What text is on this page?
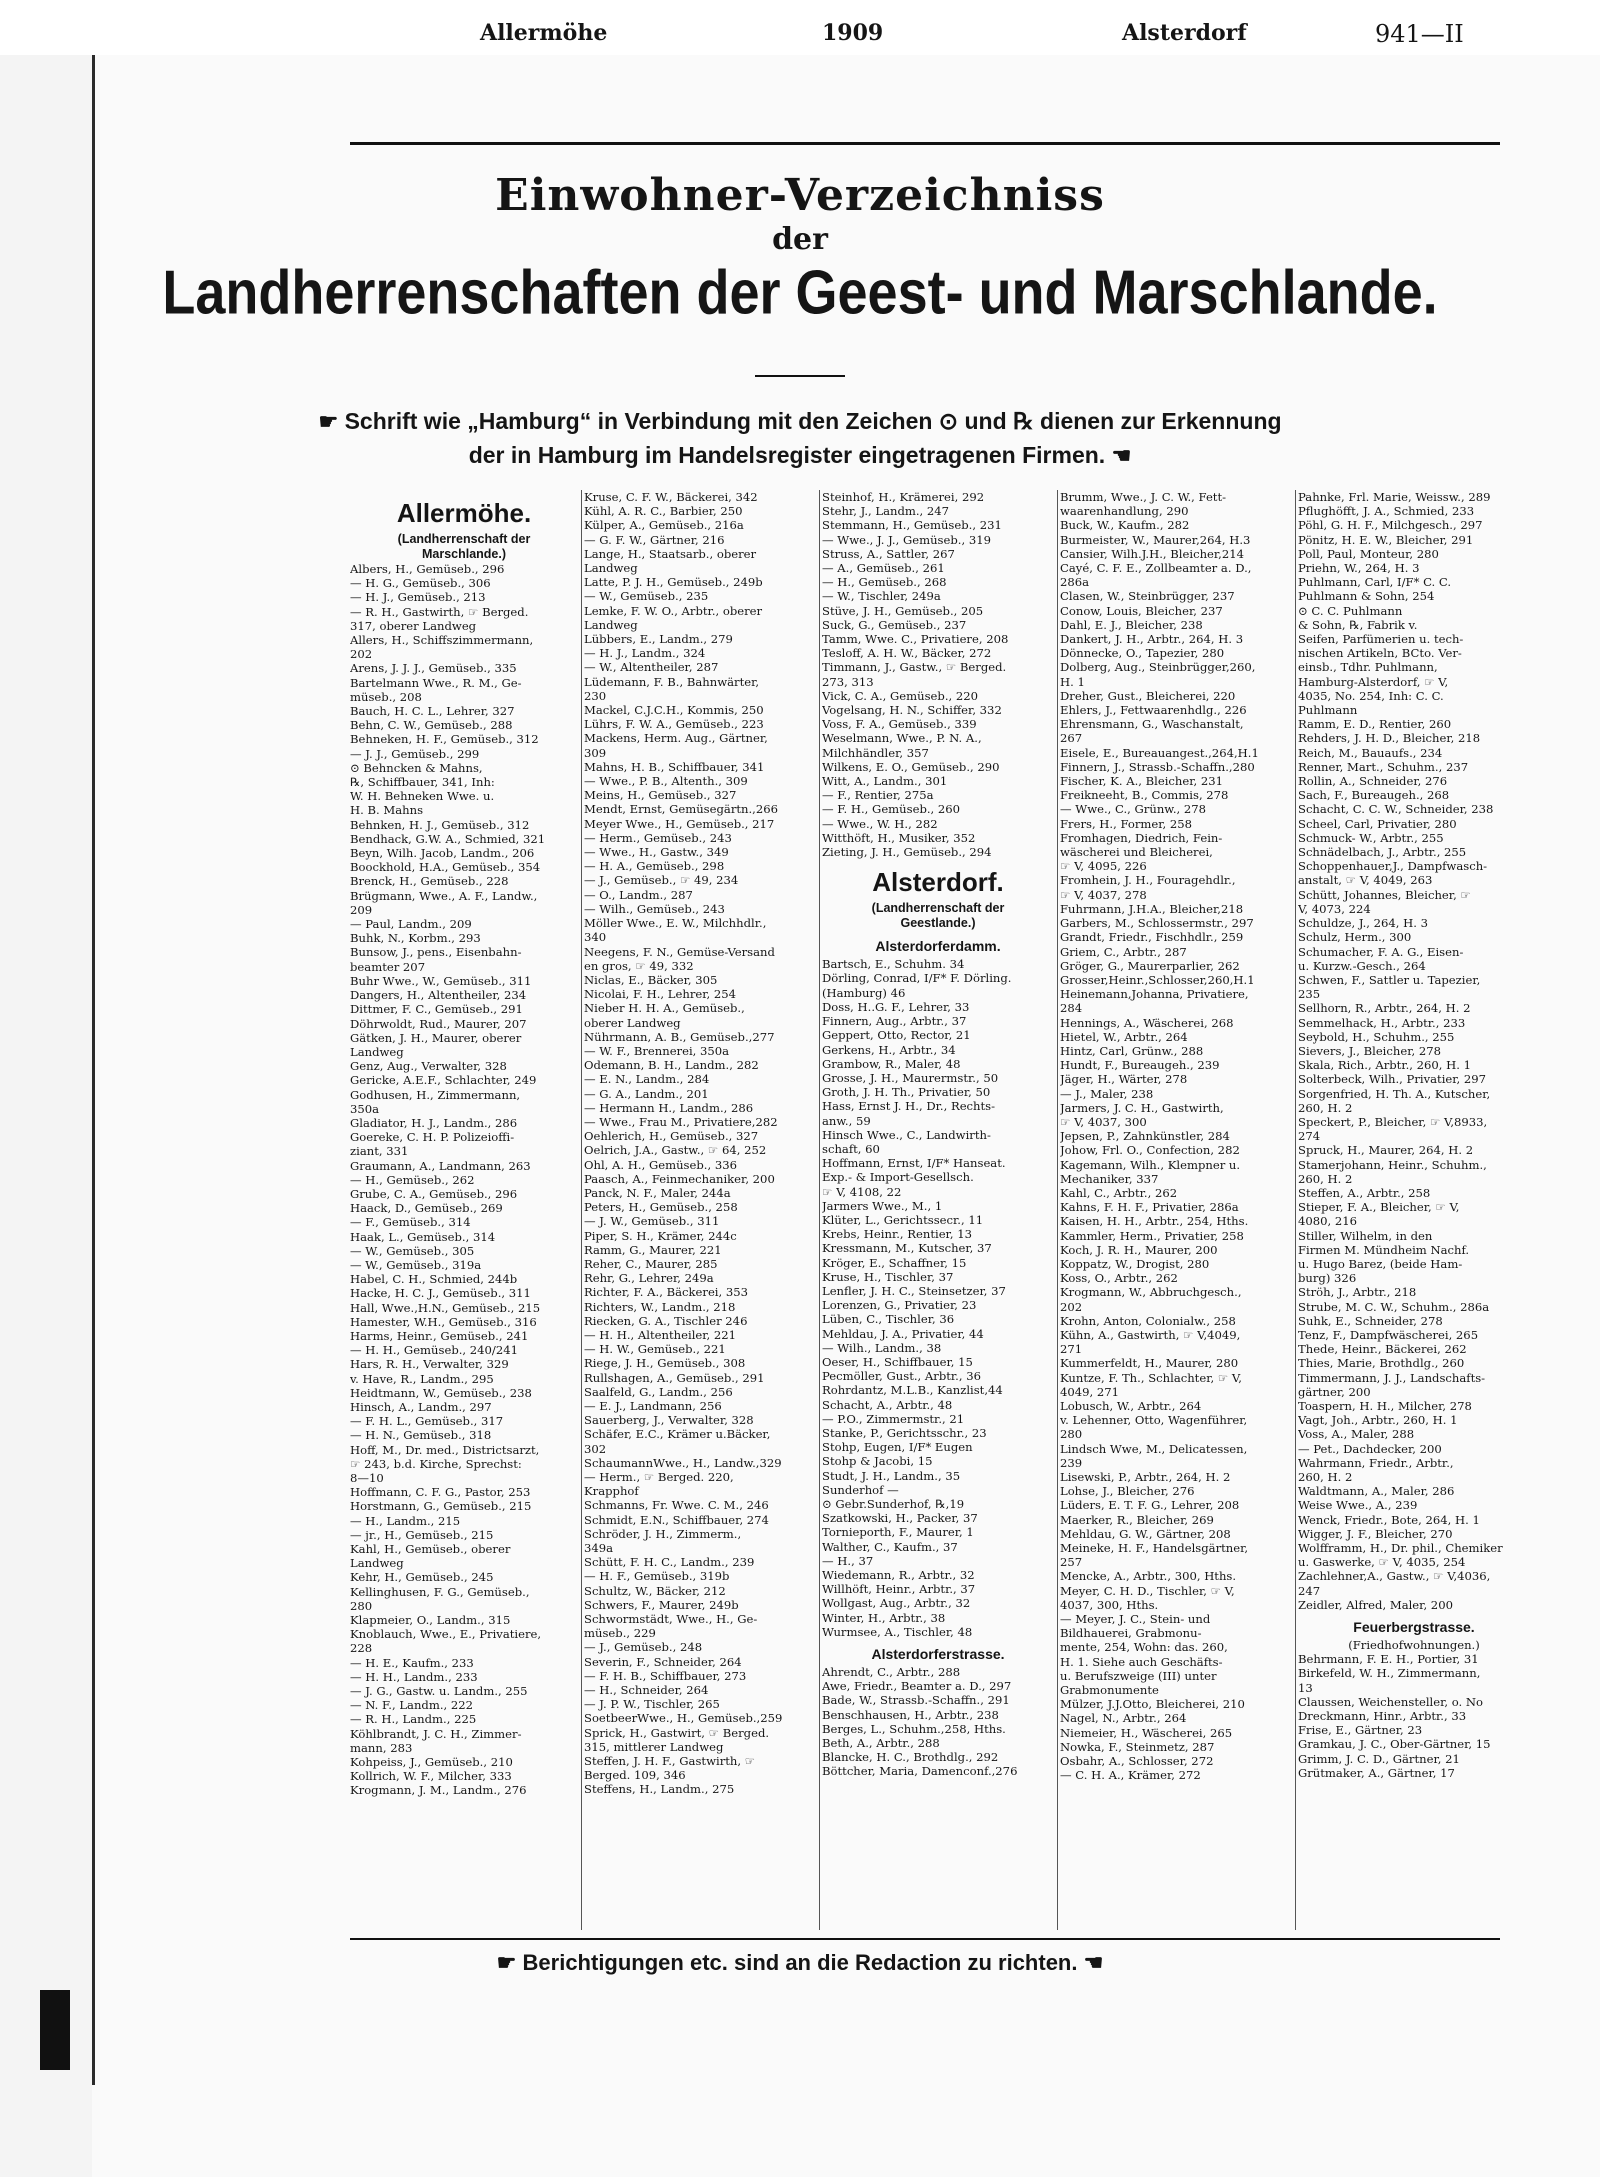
Allermöhe	1909	Alsterdorf	941—II
Einwohner-Verzeichniss
der
Landherrenschaften der Geest- und Marschlande.
☛ Schrift wie „Hamburg“ in Verbindung mit den Zeichen ⊙ und ℞ dienen zur Erkennung
der in Hamburg im Handelsregister eingetragenen Firmen. ☚
Allermöhe.
(Landherrenschaft der
Marschlande.)
Albers, H., Gemüseb., 296
— H. G., Gemüseb., 306
— H. J., Gemüseb., 213
— R. H., Gastwirth, ☞ Berged.
317, oberer Landweg
Allers, H., Schiffszimmermann,
202
Arens, J. J. J., Gemüseb., 335
Bartelmann Wwe., R. M., Ge-
müseb., 208
Bauch, H. C. L., Lehrer, 327
Behn, C. W., Gemüseb., 288
Behneken, H. F., Gemüseb., 312
— J. J., Gemüseb., 299
⊙ Behncken & Mahns,
℞, Schiffbauer, 341, Inh:
W. H. Behneken Wwe. u.
H. B. Mahns
Behnken, H. J., Gemüseb., 312
Bendhack, G.W. A., Schmied, 321
Beyn, Wilh. Jacob, Landm., 206
Boockhold, H.A., Gemüseb., 354
Brenck, H., Gemüseb., 228
Brügmann, Wwe., A. F., Landw.,
209
— Paul, Landm., 209
Buhk, N., Korbm., 293
Bunsow, J., pens., Eisenbahn-
beamter 207
Buhr Wwe., W., Gemüseb., 311
Dangers, H., Altentheiler, 234
Dittmer, F. C., Gemüseb., 291
Döhrwoldt, Rud., Maurer, 207
Gätken, J. H., Maurer, oberer
Landweg
Genz, Aug., Verwalter, 328
Gericke, A.E.F., Schlachter, 249
Godhusen, H., Zimmermann,
350a
Gladiator, H. J., Landm., 286
Goereke, C. H. P. Polizeioffi-
ziant, 331
Graumann, A., Landmann, 263
— H., Gemüseb., 262
Grube, C. A., Gemüseb., 296
Haack, D., Gemüseb., 269
— F., Gemüseb., 314
Haak, L., Gemüseb., 314
— W., Gemüseb., 305
— W., Gemüseb., 319a
Habel, C. H., Schmied, 244b
Hacke, H. C. J., Gemüseb., 311
Hall, Wwe.,H.N., Gemüseb., 215
Hamester, W.H., Gemüseb., 316
Harms, Heinr., Gemüseb., 241
— H. H., Gemüseb., 240/241
Hars, R. H., Verwalter, 329
v. Have, R., Landm., 295
Heidtmann, W., Gemüseb., 238
Hinsch, A., Landm., 297
— F. H. L., Gemüseb., 317
— H. N., Gemüseb., 318
Hoff, M., Dr. med., Districtsarzt,
☞ 243, b.d. Kirche, Sprechst:
8—10
Hoffmann, C. F. G., Pastor, 253
Horstmann, G., Gemüseb., 215
— H., Landm., 215
— jr., H., Gemüseb., 215
Kahl, H., Gemüseb., oberer
Landweg
Kehr, H., Gemüseb., 245
Kellinghusen, F. G., Gemüseb.,
280
Klapmeier, O., Landm., 315
Knoblauch, Wwe., E., Privatiere,
228
— H. E., Kaufm., 233
— H. H., Landm., 233
— J. G., Gastw. u. Landm., 255
— N. F., Landm., 222
— R. H., Landm., 225
Köhlbrandt, J. C. H., Zimmer-
mann, 283
Kohpeiss, J., Gemüseb., 210
Kollrich, W. F., Milcher, 333
Krogmann, J. M., Landm., 276
Kruse, C. F. W., Bäckerei, 342
Kühl, A. R. C., Barbier, 250
Külper, A., Gemüseb., 216a
— G. F. W., Gärtner, 216
Lange, H., Staatsarb., oberer
Landweg
Latte, P. J. H., Gemüseb., 249b
— W., Gemüseb., 235
Lemke, F. W. O., Arbtr., oberer
Landweg
Lübbers, E., Landm., 279
— H. J., Landm., 324
— W., Altentheiler, 287
Lüdemann, F. B., Bahnwärter,
230
Mackel, C.J.C.H., Kommis, 250
Lührs, F. W. A., Gemüseb., 223
Mackens, Herm. Aug., Gärtner,
309
Mahns, H. B., Schiffbauer, 341
— Wwe., P. B., Altenth., 309
Meins, H., Gemüseb., 327
Mendt, Ernst, Gemüsegärtn.,266
Meyer Wwe., H., Gemüseb., 217
— Herm., Gemüseb., 243
— Wwe., H., Gastw., 349
— H. A., Gemüseb., 298
— J., Gemüseb., ☞ 49, 234
— O., Landm., 287
— Wilh., Gemüseb., 243
Möller Wwe., E. W., Milchhdlr.,
340
Neegens, F. N., Gemüse-Versand
en gros, ☞ 49, 332
Niclas, E., Bäcker, 305
Nicolai, F. H., Lehrer, 254
Nieber H. H. A., Gemüseb.,
oberer Landweg
Nührmann, A. B., Gemüseb.,277
— W. F., Brennerei, 350a
Odemann, B. H., Landm., 282
— E. N., Landm., 284
— G. A., Landm., 201
— Hermann H., Landm., 286
— Wwe., Frau M., Privatiere,282
Oehlerich, H., Gemüseb., 327
Oelrich, J.A., Gastw., ☞ 64, 252
Ohl, A. H., Gemüseb., 336
Paasch, A., Feinmechaniker, 200
Panck, N. F., Maler, 244a
Peters, H., Gemüseb., 258
— J. W., Gemüseb., 311
Piper, S. H., Krämer, 244c
Ramm, G., Maurer, 221
Reher, C., Maurer, 285
Rehr, G., Lehrer, 249a
Richter, F. A., Bäckerei, 353
Richters, W., Landm., 218
Riecken, G. A., Tischler 246
— H. H., Altentheiler, 221
— H. W., Gemüseb., 221
Riege, J. H., Gemüseb., 308
Rullshagen, A., Gemüseb., 291
Saalfeld, G., Landm., 256
— E. J., Landmann, 256
Sauerberg, J., Verwalter, 328
Schäfer, E.C., Krämer u.Bäcker,
302
SchaumannWwe., H., Landw.,329
— Herm., ☞ Berged. 220,
Krapphof
Schmanns, Fr. Wwe. C. M., 246
Schmidt, E.N., Schiffbauer, 274
Schröder, J. H., Zimmerm.,
349a
Schütt, F. H. C., Landm., 239
— H. F., Gemüseb., 319b
Schultz, W., Bäcker, 212
Schwers, F., Maurer, 249b
Schwormstädt, Wwe., H., Ge-
müseb., 229
— J., Gemüseb., 248
Severin, F., Schneider, 264
— F. H. B., Schiffbauer, 273
— H., Schneider, 264
— J. P. W., Tischler, 265
SoetbeerWwe., H., Gemüseb.,259
Sprick, H., Gastwirt, ☞ Berged.
315, mittlerer Landweg
Steffen, J. H. F., Gastwirth, ☞
Berged. 109, 346
Steffens, H., Landm., 275
Steinhof, H., Krämerei, 292
Stehr, J., Landm., 247
Stemmann, H., Gemüseb., 231
— Wwe., J. J., Gemüseb., 319
Struss, A., Sattler, 267
— A., Gemüseb., 261
— H., Gemüseb., 268
— W., Tischler, 249a
Stüve, J. H., Gemüseb., 205
Suck, G., Gemüseb., 237
Tamm, Wwe. C., Privatiere, 208
Tesloff, A. H. W., Bäcker, 272
Timmann, J., Gastw., ☞ Berged.
273, 313
Vick, C. A., Gemüseb., 220
Vogelsang, H. N., Schiffer, 332
Voss, F. A., Gemüseb., 339
Weselmann, Wwe., P. N. A.,
Milchhändler, 357
Wilkens, E. O., Gemüseb., 290
Witt, A., Landm., 301
— F., Rentier, 275a
— F. H., Gemüseb., 260
— Wwe., W. H., 282
Witthöft, H., Musiker, 352
Zieting, J. H., Gemüseb., 294
Alsterdorf.
(Landherrenschaft der
Geestlande.)
Alsterdorferdamm.
Bartsch, E., Schuhm. 34
Dörling, Conrad, I/F* F. Dörling.
(Hamburg) 46
Doss, H..G. F., Lehrer, 33
Finnern, Aug., Arbtr., 37
Geppert, Otto, Rector, 21
Gerkens, H., Arbtr., 34
Grambow, R., Maler, 48
Grosse, J. H., Maurermstr., 50
Groth, J. H. Th., Privatier, 50
Hass, Ernst J. H., Dr., Rechts-
anw., 59
Hinsch Wwe., C., Landwirth-
schaft, 60
Hoffmann, Ernst, I/F* Hanseat.
Exp.- & Import-Gesellsch.
☞ V, 4108, 22
Jarmers Wwe., M., 1
Klüter, L., Gerichtssecr., 11
Krebs, Heinr., Rentier, 13
Kressmann, M., Kutscher, 37
Kröger, E., Schaffner, 15
Kruse, H., Tischler, 37
Lenfler, J. H. C., Steinsetzer, 37
Lorenzen, G., Privatier, 23
Lüben, C., Tischler, 36
Mehldau, J. A., Privatier, 44
— Wilh., Landm., 38
Oeser, H., Schiffbauer, 15
Pecmöller, Gust., Arbtr., 36
Rohrdantz, M.L.B., Kanzlist,44
Schacht, A., Arbtr., 48
— P.O., Zimmermstr., 21
Stanke, P., Gerichtsschr., 23
Stohp, Eugen, I/F* Eugen
Stohp & Jacobi, 15
Studt, J. H., Landm., 35
Sunderhof —
⊙ Gebr.Sunderhof, ℞,19
Szatkowski, H., Packer, 37
Tornieporth, F., Maurer, 1
Walther, C., Kaufm., 37
— H., 37
Wiedemann, R., Arbtr., 32
Willhöft, Heinr., Arbtr., 37
Wollgast, Aug., Arbtr., 32
Winter, H., Arbtr., 38
Wurmsee, A., Tischler, 48
Alsterdorferstrasse.
Ahrendt, C., Arbtr., 288
Awe, Friedr., Beamter a. D., 297
Bade, W., Strassb.-Schaffn., 291
Benschhausen, H., Arbtr., 238
Berges, L., Schuhm.,258, Hths.
Beth, A., Arbtr., 288
Blancke, H. C., Brothdlg., 292
Böttcher, Maria, Damenconf.,276
Brumm, Wwe., J. C. W., Fett-
waarenhandlung, 290
Buck, W., Kaufm., 282
Burmeister, W., Maurer,264, H.3
Cansier, Wilh.J.H., Bleicher,214
Cayé, C. F. E., Zollbeamter a. D.,
286a
Clasen, W., Steinbrügger, 237
Conow, Louis, Bleicher, 237
Dahl, E. J., Bleicher, 238
Dankert, J. H., Arbtr., 264, H. 3
Dönnecke, O., Tapezier, 280
Dolberg, Aug., Steinbrügger,260,
H. 1
Dreher, Gust., Bleicherei, 220
Ehlers, J., Fettwaarenhdlg., 226
Ehrensmann, G., Waschanstalt,
267
Eisele, E., Bureauangest.,264,H.1
Finnern, J., Strassb.-Schaffn.,280
Fischer, K. A., Bleicher, 231
Freikneeht, B., Commis, 278
— Wwe., C., Grünw., 278
Frers, H., Former, 258
Fromhagen, Diedrich, Fein-
wäscherei und Bleicherei,
☞ V, 4095, 226
Fromhein, J. H., Fouragehdlr.,
☞ V, 4037, 278
Fuhrmann, J.H.A., Bleicher,218
Garbers, M., Schlossermstr., 297
Grandt, Friedr., Fischhdlr., 259
Griem, C., Arbtr., 287
Gröger, G., Maurerparlier, 262
Grosser,Heinr.,Schlosser,260,H.1
Heinemann,Johanna, Privatiere,
284
Hennings, A., Wäscherei, 268
Hietel, W., Arbtr., 264
Hintz, Carl, Grünw., 288
Hundt, F., Bureaugeh., 239
Jäger, H., Wärter, 278
— J., Maler, 238
Jarmers, J. C. H., Gastwirth,
☞ V, 4037, 300
Jepsen, P., Zahnkünstler, 284
Johow, Frl. O., Confection, 282
Kagemann, Wilh., Klempner u.
Mechaniker, 337
Kahl, C., Arbtr., 262
Kahns, F. H. F., Privatier, 286a
Kaisen, H. H., Arbtr., 254, Hths.
Kammler, Herm., Privatier, 258
Koch, J. R. H., Maurer, 200
Koppatz, W., Drogist, 280
Koss, O., Arbtr., 262
Krogmann, W., Abbruchgesch.,
202
Krohn, Anton, Colonialw., 258
Kühn, A., Gastwirth, ☞ V,4049,
271
Kummerfeldt, H., Maurer, 280
Kuntze, F. Th., Schlachter, ☞ V,
4049, 271
Lobusch, W., Arbtr., 264
v. Lehenner, Otto, Wagenführer,
280
Lindsch Wwe, M., Delicatessen,
239
Lisewski, P., Arbtr., 264, H. 2
Lohse, J., Bleicher, 276
Lüders, E. T. F. G., Lehrer, 208
Maerker, R., Bleicher, 269
Mehldau, G. W., Gärtner, 208
Meineke, H. F., Handelsgärtner,
257
Mencke, A., Arbtr., 300, Hths.
Meyer, C. H. D., Tischler, ☞ V,
4037, 300, Hths.
— Meyer, J. C., Stein- und
Bildhauerei, Grabmonu-
mente, 254, Wohn: das. 260,
H. 1. Siehe auch Geschäfts-
u. Berufszweige (III) unter
Grabmonumente
Mülzer, J.J.Otto, Bleicherei, 210
Nagel, N., Arbtr., 264
Niemeier, H., Wäscherei, 265
Nowka, F., Steinmetz, 287
Osbahr, A., Schlosser, 272
— C. H. A., Krämer, 272
Pahnke, Frl. Marie, Weissw., 289
Pflughöfft, J. A., Schmied, 233
Pöhl, G. H. F., Milchgesch., 297
Pönitz, H. E. W., Bleicher, 291
Poll, Paul, Monteur, 280
Priehn, W., 264, H. 3
Puhlmann, Carl, I/F* C. C.
Puhlmann & Sohn, 254
⊙ C. C. Puhlmann
& Sohn, ℞, Fabrik v.
Seifen, Parfümerien u. tech-
nischen Artikeln, BCto. Ver-
einsb., Tdhr. Puhlmann,
Hamburg-Alsterdorf, ☞ V,
4035, No. 254, Inh: C. C.
Puhlmann
Ramm, E. D., Rentier, 260
Rehders, J. H. D., Bleicher, 218
Reich, M., Bauaufs., 234
Renner, Mart., Schuhm., 237
Rollin, A., Schneider, 276
Sach, F., Bureaugeh., 268
Schacht, C. C. W., Schneider, 238
Scheel, Carl, Privatier, 280
Schmuck- W., Arbtr., 255
Schnädelbach, J., Arbtr., 255
Schoppenhauer,J., Dampfwasch-
anstalt, ☞ V, 4049, 263
Schütt, Johannes, Bleicher, ☞
V, 4073, 224
Schuldze, J., 264, H. 3
Schulz, Herm., 300
Schumacher, F. A. G., Eisen-
u. Kurzw.-Gesch., 264
Schwen, F., Sattler u. Tapezier,
235
Sellhorn, R., Arbtr., 264, H. 2
Semmelhack, H., Arbtr., 233
Seybold, H., Schuhm., 255
Sievers, J., Bleicher, 278
Skala, Rich., Arbtr., 260, H. 1
Solterbeck, Wilh., Privatier, 297
Sorgenfried, H. Th. A., Kutscher,
260, H. 2
Speckert, P., Bleicher, ☞ V,8933,
274
Spruck, H., Maurer, 264, H. 2
Stamerjohann, Heinr., Schuhm.,
260, H. 2
Steffen, A., Arbtr., 258
Stieper, F. A., Bleicher, ☞ V,
4080, 216
Stiller, Wilhelm, in den
Firmen M. Mündheim Nachf.
u. Hugo Barez, (beide Ham-
burg) 326
Ströh, J., Arbtr., 218
Strube, M. C. W., Schuhm., 286a
Suhk, E., Schneider, 278
Tenz, F., Dampfwäscherei, 265
Thede, Heinr., Bäckerei, 262
Thies, Marie, Brothdlg., 260
Timmermann, J. J., Landschafts-
gärtner, 200
Toaspern, H. H., Milcher, 278
Vagt, Joh., Arbtr., 260, H. 1
Voss, A., Maler, 288
— Pet., Dachdecker, 200
Wahrmann, Friedr., Arbtr.,
260, H. 2
Waldtmann, A., Maler, 286
Weise Wwe., A., 239
Wenck, Friedr., Bote, 264, H. 1
Wigger, J. F., Bleicher, 270
Wolfframm, H., Dr. phil., Chemiker
u. Gaswerke, ☞ V, 4035, 254
Zachlehner,A., Gastw., ☞ V,4036,
247
Zeidler, Alfred, Maler, 200
Feuerbergstrasse.
(Friedhofwohnungen.)
Behrmann, F. E. H., Portier, 31
Birkefeld, W. H., Zimmermann,
13
Claussen, Weichensteller, o. No
Dreckmann, Hinr., Arbtr., 33
Frise, E., Gärtner, 23
Gramkau, J. C., Ober-Gärtner, 15
Grimm, J. C. D., Gärtner, 21
Grütmaker, A., Gärtner, 17
☛ Berichtigungen etc. sind an die Redaction zu richten. ☚
